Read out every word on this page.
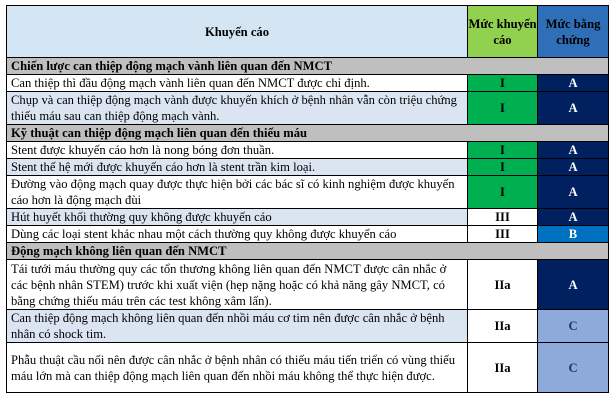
Khuyến cáo	Mức khuyến cáo	Mức bằng chứng
Chiến lược can thiệp động mạch vành liên quan đến NMCT		
Can thiệp thì đầu động mạch vành liên quan đến NMCT được chỉ định.	I	A
Chụp và can thiệp động mạch vành được khuyến khích ở bệnh nhân vẫn còn triệu chứng thiếu máu sau can thiệp động mạch vành.	I	A
Kỹ thuật can thiệp động mạch liên quan đến thiếu máu		
Stent được khuyến cáo hơn là nong bóng đơn thuần.	I	A
Stent thế hệ mới được khuyến cáo hơn là stent trần kim loại.	I	A
Đường vào động mạch quay được thực hiện bởi các bác sĩ có kinh nghiệm được khuyến cáo hơn là động mạch đùi	I	A
Hút huyết khối thường quy không được khuyến cáo	III	A
Dùng các loại stent khác nhau một cách thường quy không được khuyến cáo	III	B
Động mạch không liên quan đến NMCT		
Tái tưới máu thường quy các tổn thương không liên quan đến NMCT được cân nhắc ở các bệnh nhân STEM) trước khi xuất viện (hẹp nặng hoặc có khả năng gây NMCT, có bằng chứng thiếu máu trên các test không xâm lấn).	IIa	A
Can thiệp động mạch không liên quan đến nhồi máu cơ tim nên được cân nhắc ở bệnh nhân có shock tim.	IIa	C
Phẫu thuật cầu nối nên được cân nhắc ở bệnh nhân có thiếu máu tiến triển có vùng thiếu máu lớn mà can thiệp động mạch liên quan đến nhồi máu không thể thực hiện được.	IIa	C
